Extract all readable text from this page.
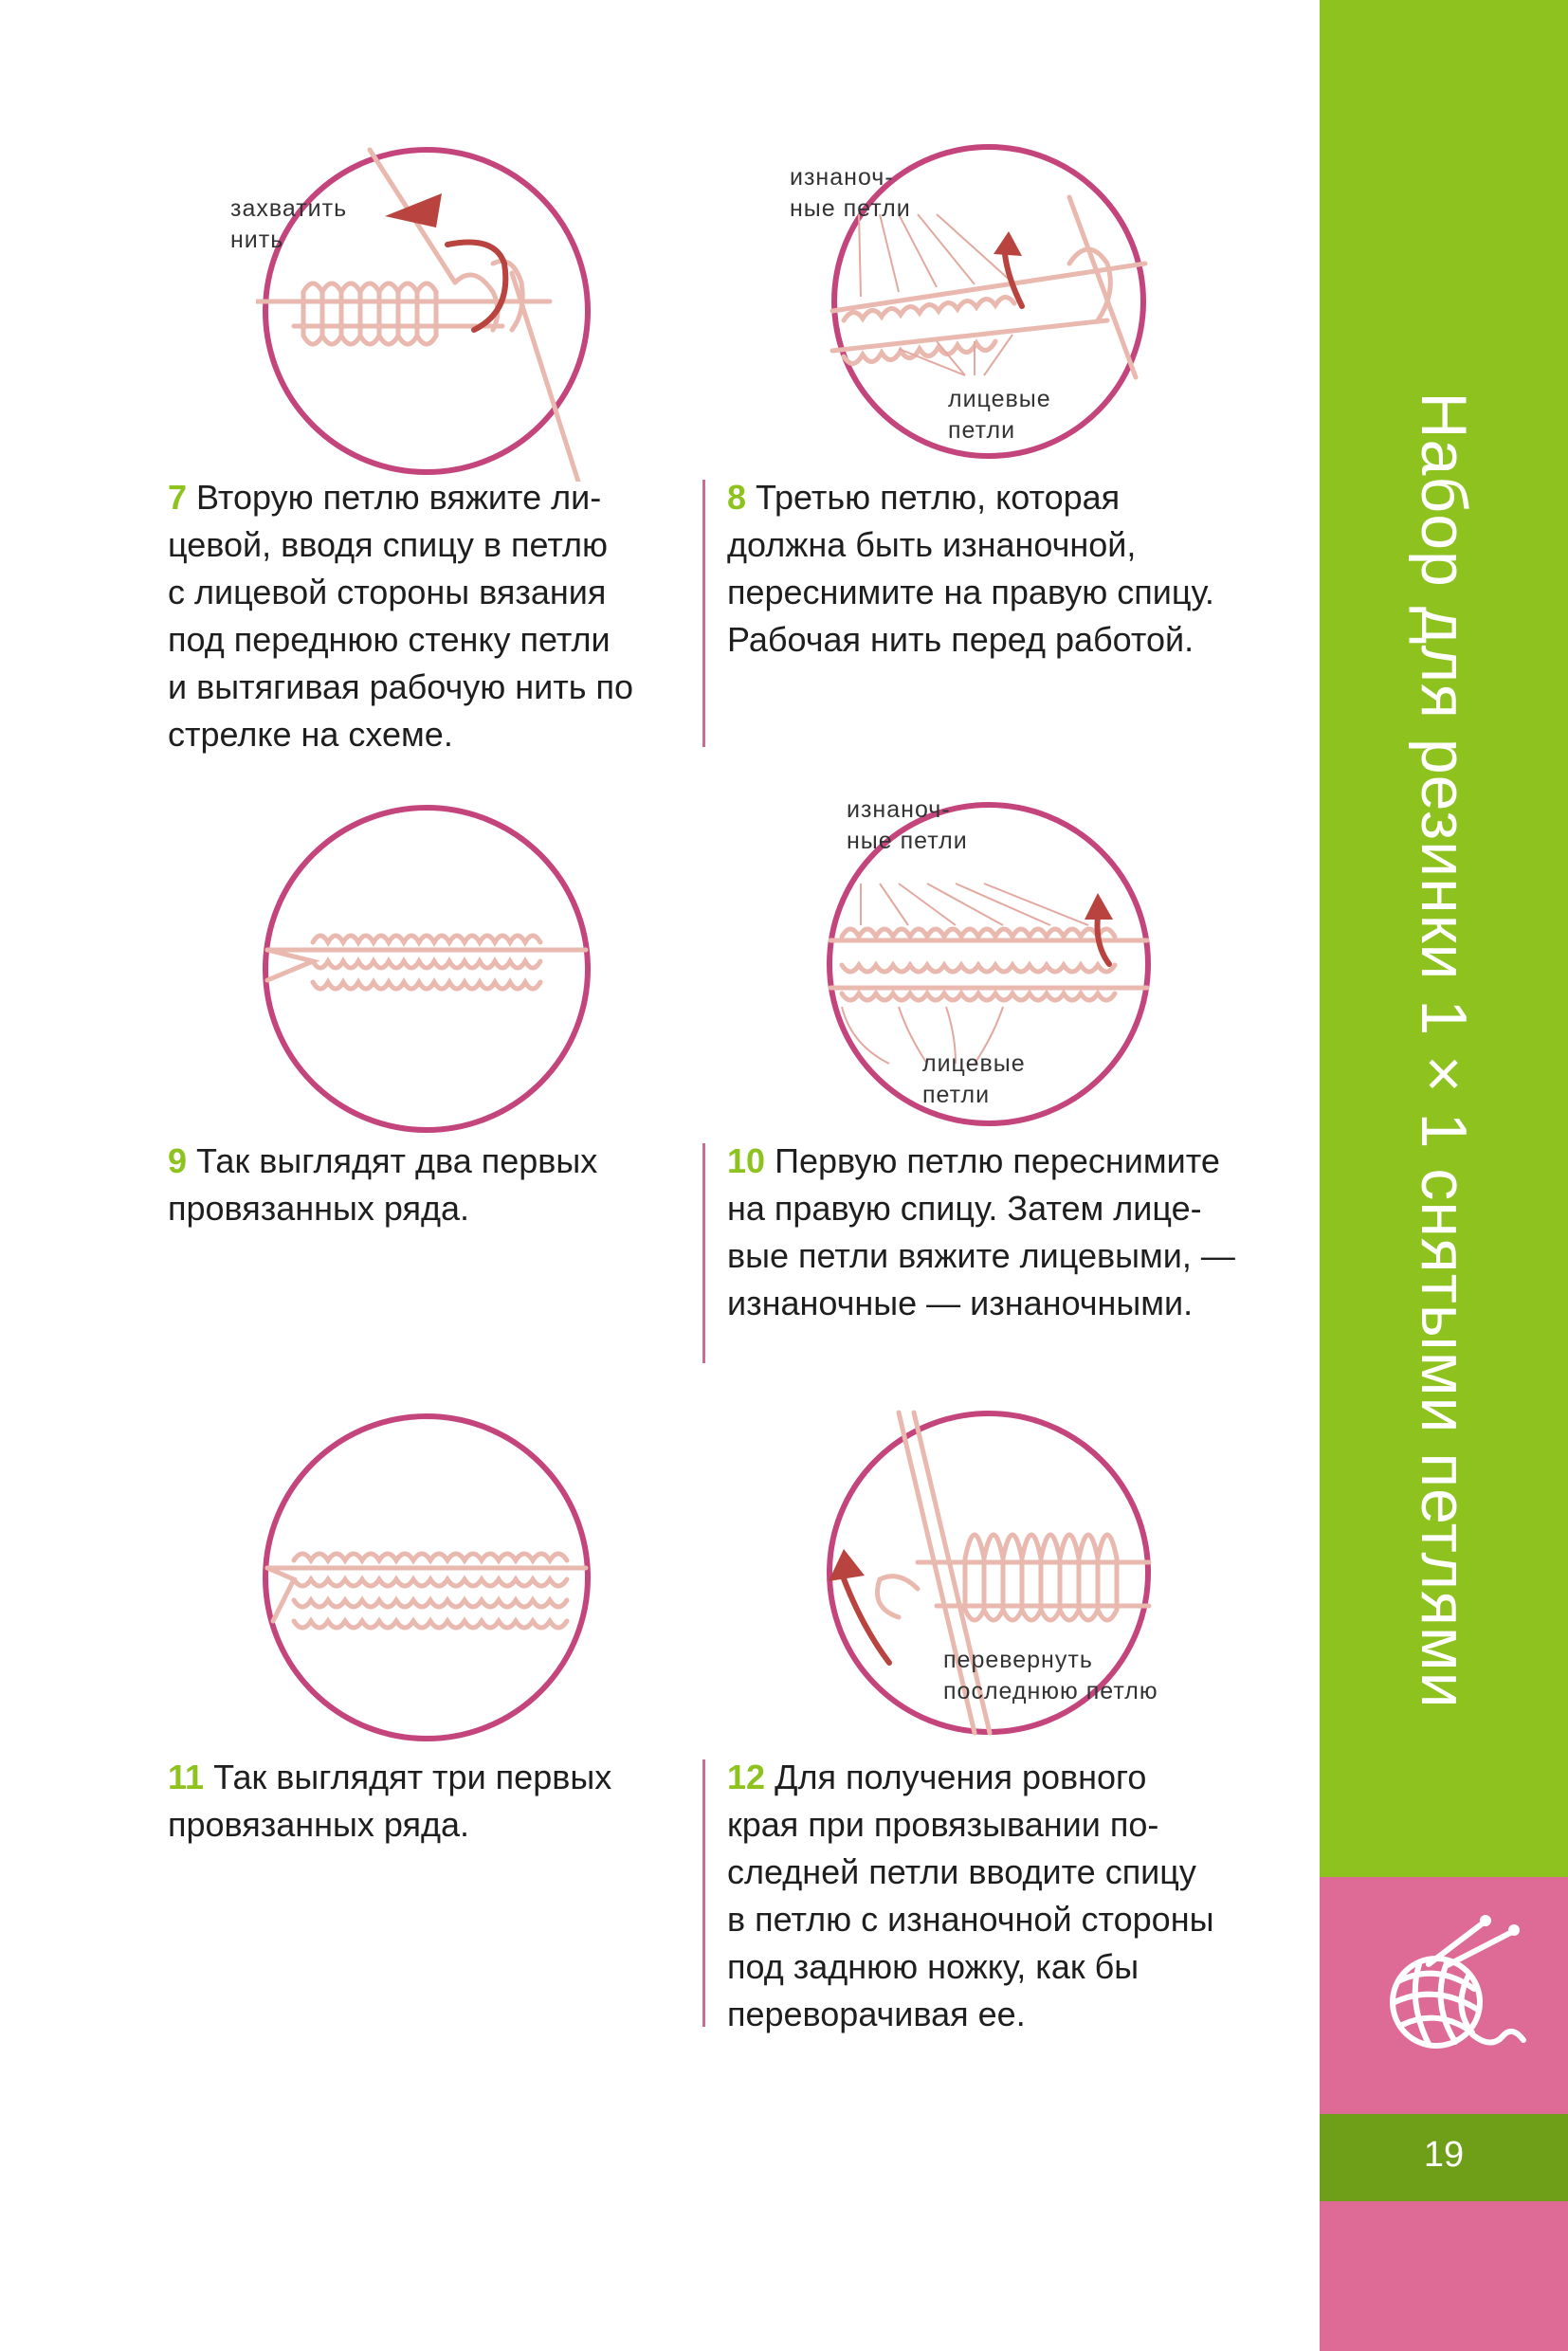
Набор для резинки 1 × 1 снятыми петлями
19
захватить
нить
изнаноч-
ные петли
лицевые
петли
изнаноч-
ные петли
лицевые
петли
перевернуть
последнюю петлю
7 Вторую петлю вяжите ли-
цевой, вводя спицу в петлю
с лицевой стороны вязания
под переднюю стенку петли
и вытягивая рабочую нить по
стрелке на схеме.
8 Третью петлю, которая
должна быть изнаночной,
переснимите на правую спицу.
Рабочая нить перед работой.
9 Так выглядят два первых
провязанных ряда.
10 Первую петлю переснимите
на правую спицу. Затем лице-
вые петли вяжите лицевыми, —
изнаночные — изнаночными.
11 Так выглядят три первых
провязанных ряда.
12 Для получения ровного
края при провязывании по-
следней петли вводите спицу
в петлю с изнаночной стороны
под заднюю ножку, как бы
переворачивая ее.
